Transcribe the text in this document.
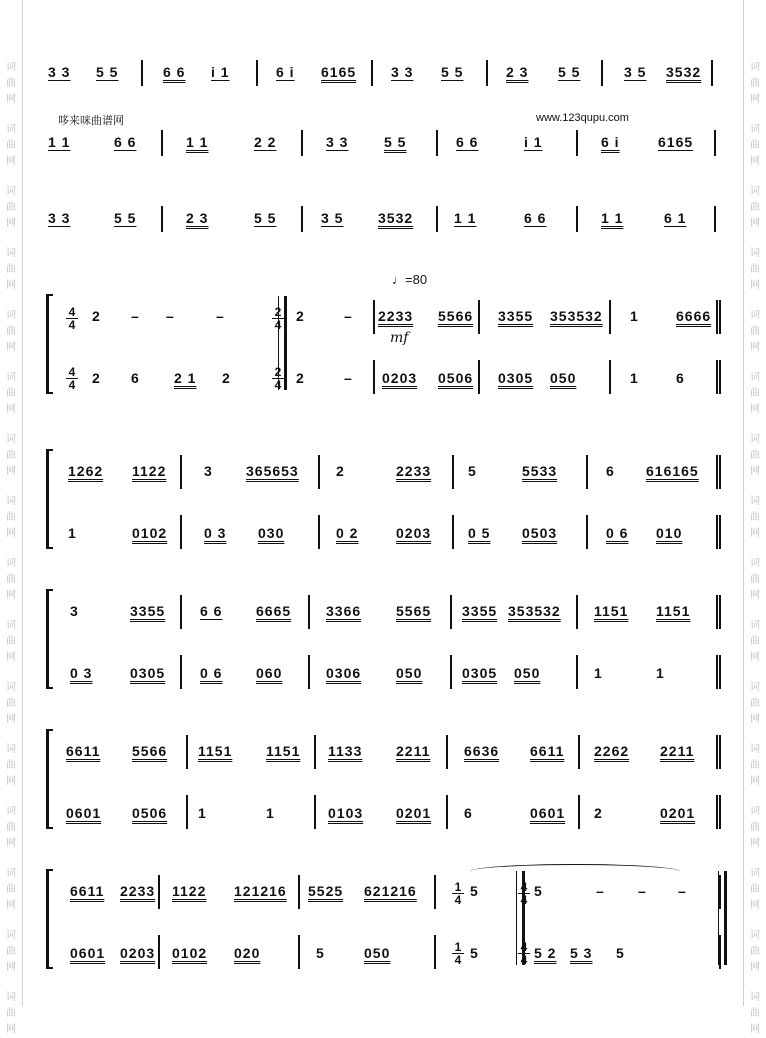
词
曲
网
词
曲
网
词
曲
网
词
曲
网
词
曲
网
词
曲
网
词
曲
网
词
曲
网
词
曲
网
词
曲
网
词
曲
网
词
曲
网
词
曲
网
词
曲
网
词
曲
网
词
曲
网
词
曲
网
词
曲
网
词
曲
网
词
曲
网
词
曲
网
词
曲
网
词
曲
网
词
曲
网
词
曲
网
词
曲
网
词
曲
网
词
曲
网
词
曲
网
词
曲
网
词
曲
网
词
曲
网
3 3 5 5	6 6 i 1	6 i 6165 3 3 5 5	2 3 5 5	3 5 3532
哆来咪曲谱网	www.123qupu.com
1 1	6 6	1 1	2 2	3 3	5 5	6 6	i 1	6 i	6165
3 3	5 5	2 3	5 5	3 5 3532	1 1	6 6	1 1	6 1
♩=80
mf
2 – –	–	2	– 2233 5566 3355 353532 1	6666
2 6 2 1 2	2	– 0203 0506 0305 050	1	6
4
4
4
4
2
4
2
4
1262 1122	3 365653	2	2233	5	5533	6 616165
1	0102	0 3 030	0 2	0203	0 5 0503	0 6 010
3	3355 6 6 6665 3366 5565 3355 353532 1151 1151
0 3	0305 0 6 060	0306 050	0305 050	1	1
6611 5566 1151 1151 1133 2211 6636 6611 2262 2211
0601 0506 1	1	0103 0201 6	0601 2	0201
6611 2233 1122 121216 5525 621216	5	5	– – –
0601 0203 0102 020	5	050	5	5 2 5 3 5
1
4
1
4
4
4
4
4
